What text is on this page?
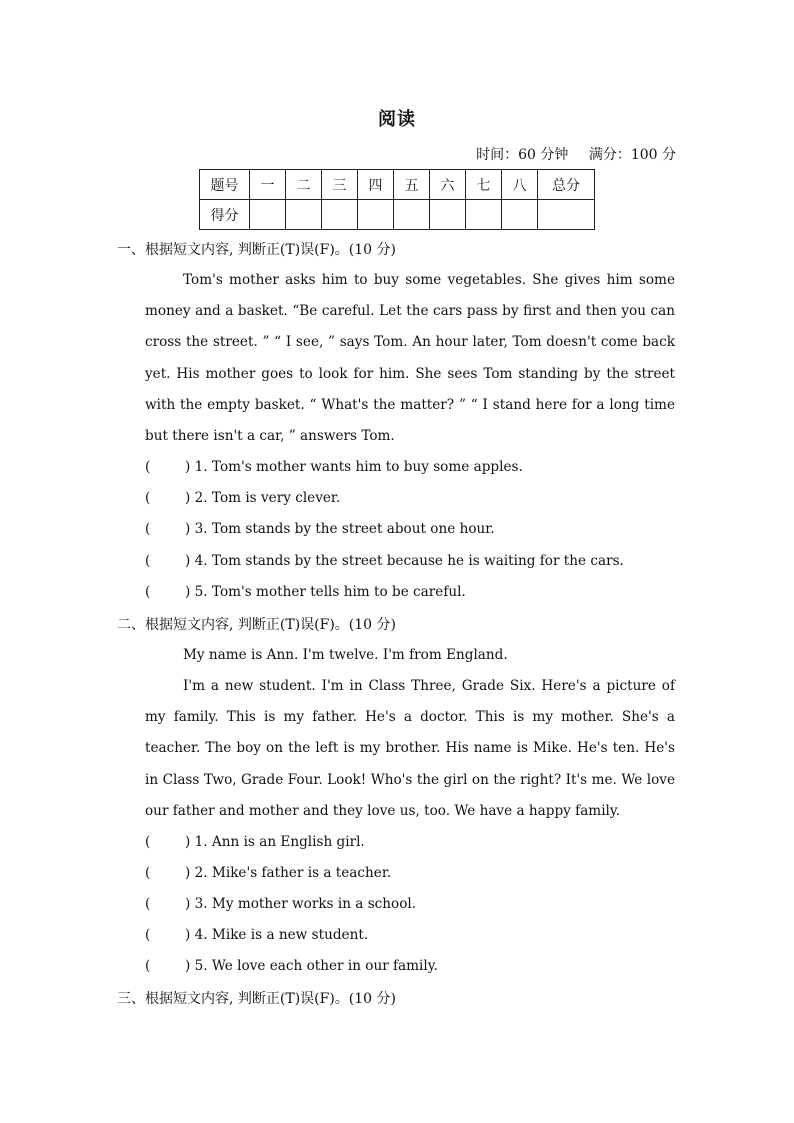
阅读
时间：60 分钟 满分：100 分
题号	一	二	三	四	五	六	七	八	总分
得分									
一、根据短文内容, 判断正(T)误(F)。(10 分)
Tom's mother asks him to buy some vegetables. She gives him some money and a basket. “Be careful. Let the cars pass by first and then you can cross the street. ” “ I see, ” says Tom. An hour later, Tom doesn't come back yet. His mother goes to look for him. She sees Tom standing by the street with the empty basket. “ What's the matter? ” “ I stand here for a long time but there isn't a car, ” answers Tom.
(	) 1. Tom's mother wants him to buy some apples.
(	) 2. Tom is very clever.
(	) 3. Tom stands by the street about one hour.
(	) 4. Tom stands by the street because he is waiting for the cars.
(	) 5. Tom's mother tells him to be careful.
二、根据短文内容, 判断正(T)误(F)。(10 分)
My name is Ann. I'm twelve. I'm from England.
I'm a new student. I'm in Class Three, Grade Six. Here's a picture of my family. This is my father. He's a doctor. This is my mother. She's a teacher. The boy on the left is my brother. His name is Mike. He's ten. He's in Class Two, Grade Four. Look! Who's the girl on the right? It's me. We love our father and mother and they love us, too. We have a happy family.
(	) 1. Ann is an English girl.
(	) 2. Mike's father is a teacher.
(	) 3. My mother works in a school.
(	) 4. Mike is a new student.
(	) 5. We love each other in our family.
三、根据短文内容, 判断正(T)误(F)。(10 分)
